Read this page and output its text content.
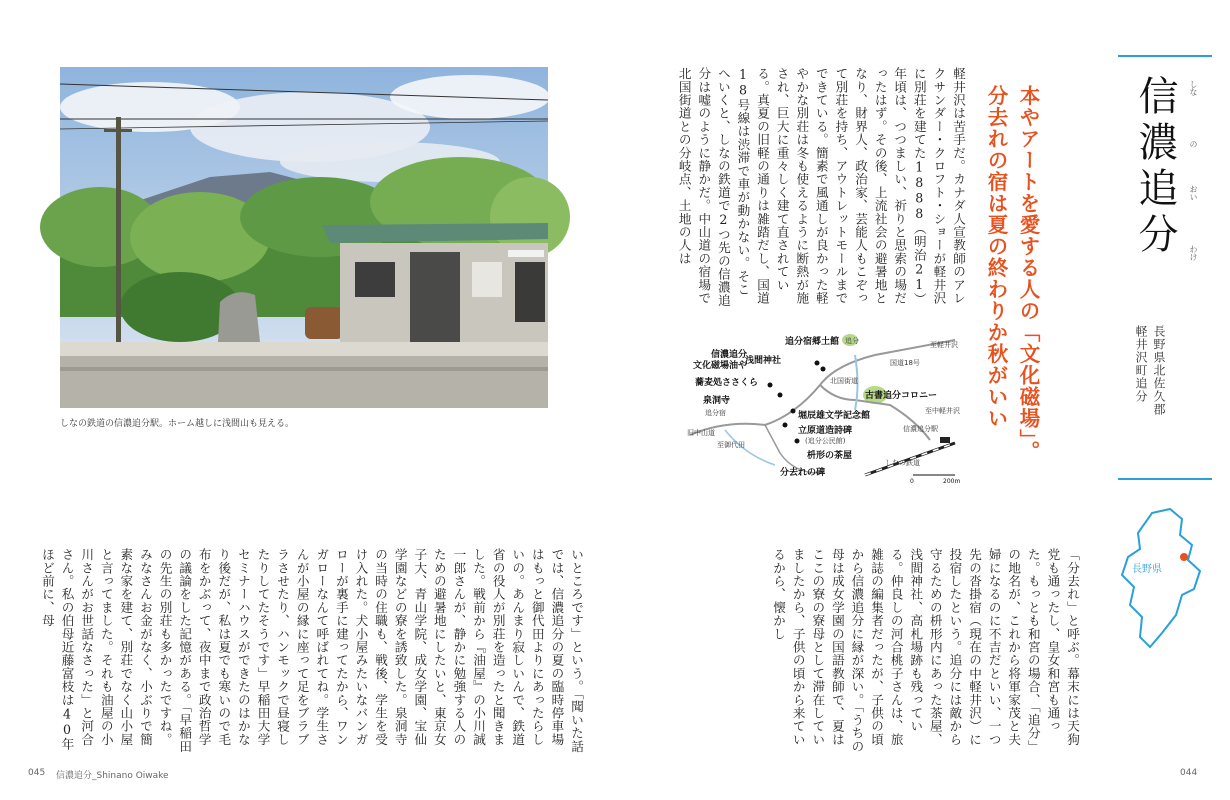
しなの鉄道の信濃追分駅。ホーム越しに浅間山も見える。
信濃追分 しな
の
おい
わけ
長野県北佐久郡
軽井沢町追分
長野県
本やアートを愛する人の「文化磁場」。
分去れの宿は夏の終わりか秋がいい
軽井沢は苦手だ。カナダ人宣教師のアレクサンダー・クロフト・ショーが軽井沢に別荘を建てた1888（明治21）年頃は、つつましい、祈りと思索の場だったはず。その後、上流社会の避暑地となり、財界人、政治家、芸能人もこぞって別荘を持ち、アウトレットモールまでできている。簡素で風通しが良かった軽やかな別荘は冬も使えるように断熱が施され、巨大に重々しく建て直されている。真夏の旧軽の通りは雑踏だし、国道18号線は渋滞で車が動かない。そこへいくと、しなの鉄道で2つ先の信濃追分は嘘のように静かだ。中山道の宿場で北国街道との分岐点、土地の人は
追分宿郷土館
信濃追分
文化磁場油や
浅間神社
蕎麦処ささくら
泉洞寺
追分宿
旧中山道
堀辰雄文学記念館
立原道造詩碑
(追分公民館)
枡形の茶屋
分去れの碑
古書追分コロニー
国道18号
至軽井沢
至中軽井沢
至御代田
信濃追分駅
しなの鉄道
追分
北国街道
0	200m
「分去れ」と呼ぶ。幕末には天狗党も通ったし、皇女和宮も通った。もっとも和宮の場合、「追分」の地名が、これから将軍家茂と夫婦になるのに不吉だといい、一つ先の沓掛宿（現在の中軽井沢）に投宿したという。追分には敵から守るための枡形内にあった茶屋、浅間神社、高札場跡も残っている。仲良しの河合桃子さんは、旅雑誌の編集者だったが、子供の頃から信濃追分に縁が深い。「うちの母は成女学園の国語教師で、夏はここの寮の寮母として滞在していましたから、子供の頃から来ているから、懐かし
いところです」という。「聞いた話では、信濃追分の夏の臨時停車場はもっと御代田よりにあったらしいの。あんまり寂しいんで、鉄道省の役人が別荘を造ったと聞きました。戦前から『油屋』の小川誠一郎さんが、静かに勉強する人のための避暑地にしたいと、東京女子大、青山学院、成女学園、宝仙学園などの寮を誘致した。泉洞寺の当時の住職も、戦後、学生を受け入れた。犬小屋みたいなバンガローが裏手に建ってたから、ワンガローなんて呼ばれてね。学生さんが小屋の縁に座って足をブラブラさせたり、ハンモックで昼寝したりしてたそうです」早稲田大学セミナーハウスができたのはかなり後だが、私は夏でも寒いので毛布をかぶって、夜中まで政治哲学の議論をした記憶がある。「早稲田の先生の別荘も多かったですね。みなさんお金がなく、小ぶりで簡素な家を建て、別荘でなく山小屋と言ってました。それも油屋の小川さんがお世話なさった」と河合さん。私の伯母近藤富枝は40年ほど前に、母
045 信濃追分_Shinano Oiwake	044
